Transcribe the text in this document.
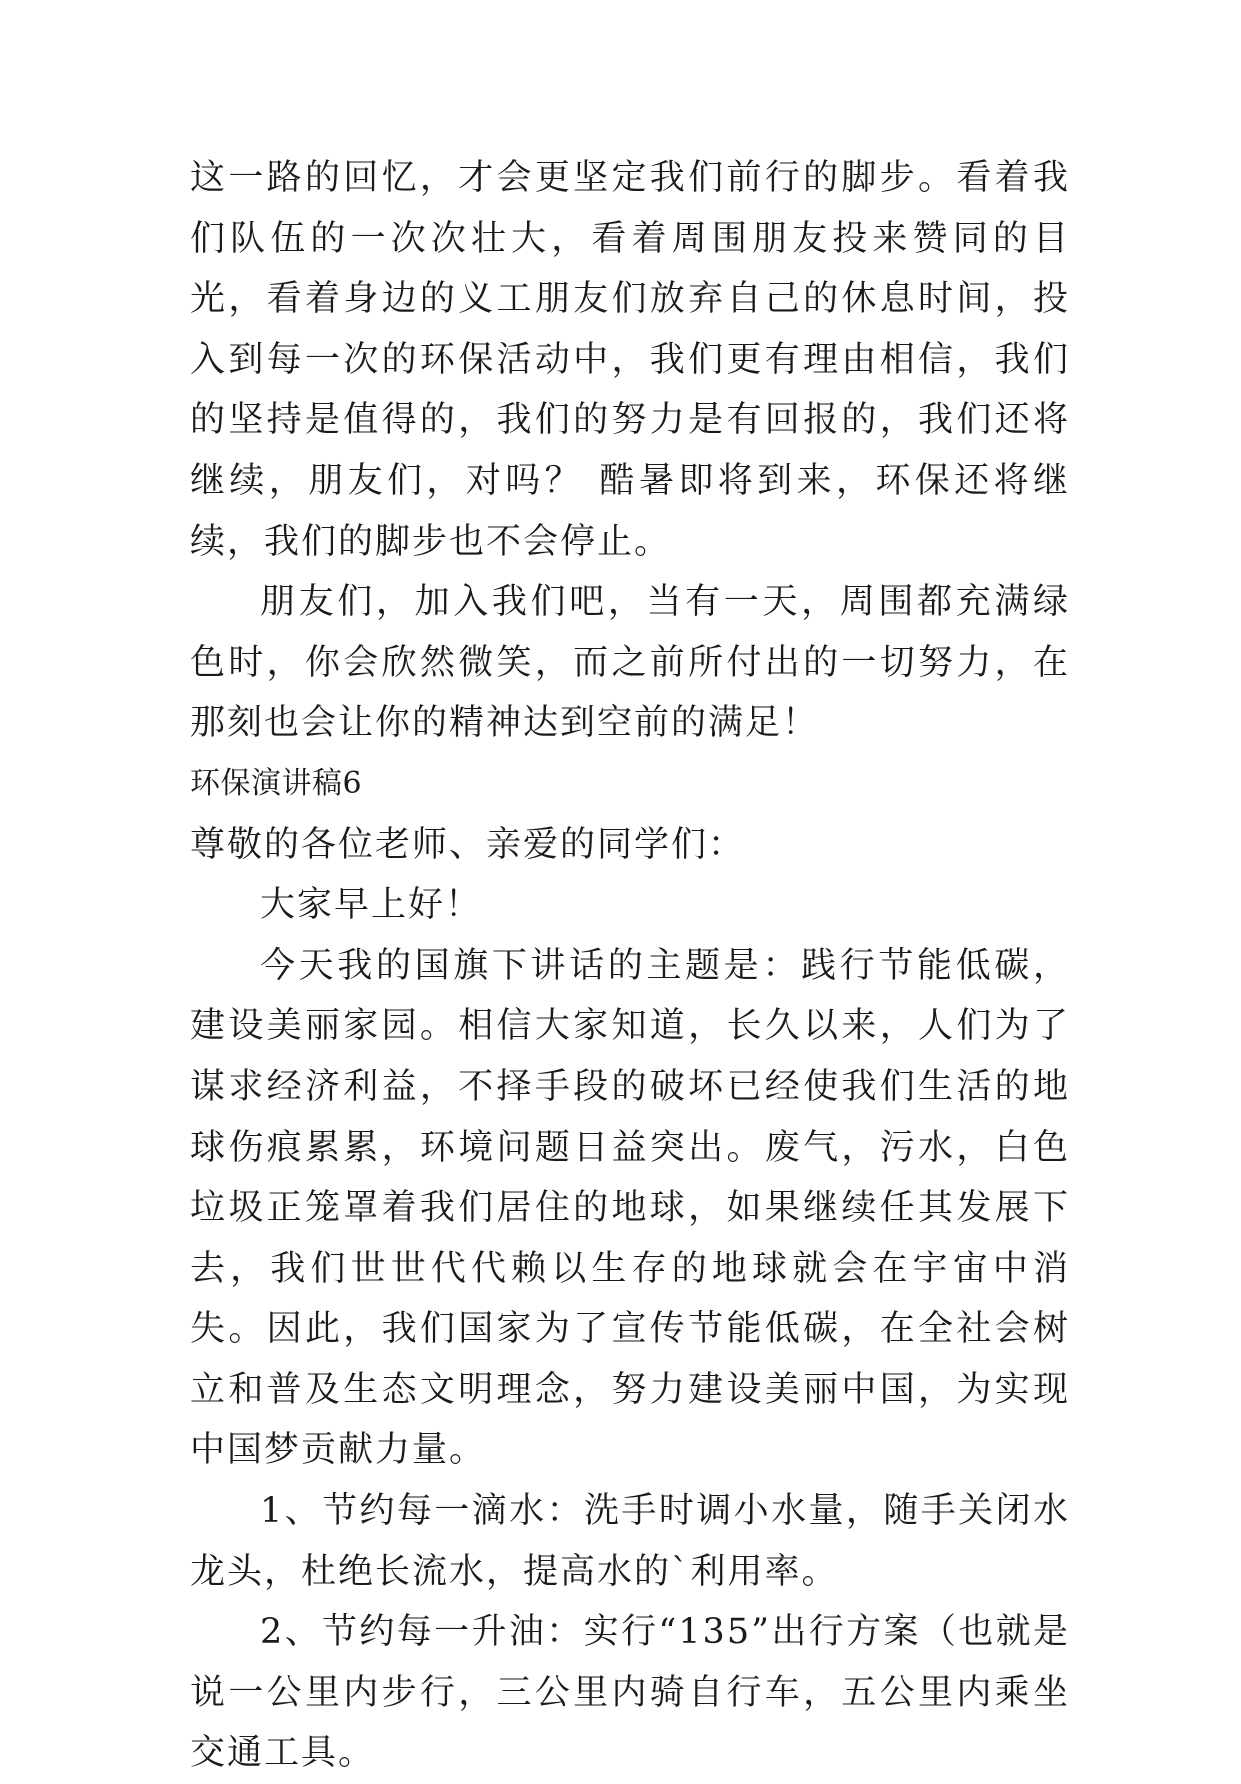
这一路的回忆，才会更坚定我们前行的脚步。看着我们队伍的一次次壮大，看着周围朋友投来赞同的目光，看着身边的义工朋友们放弃自己的休息时间，投入到每一次的环保活动中，我们更有理由相信，我们的坚持是值得的，我们的努力是有回报的，我们还将继续，朋友们，对吗？ 酷暑即将到来，环保还将继续，我们的脚步也不会停止。

朋友们，加入我们吧，当有一天，周围都充满绿色时，你会欣然微笑，而之前所付出的一切努力，在那刻也会让你的精神达到空前的满足！

环保演讲稿6

尊敬的各位老师、亲爱的同学们：

大家早上好！

今天我的国旗下讲话的主题是：践行节能低碳，建设美丽家园。相信大家知道，长久以来，人们为了谋求经济利益，不择手段的破坏已经使我们生活的地球伤痕累累，环境问题日益突出。废气，污水，白色垃圾正笼罩着我们居住的地球，如果继续任其发展下去，我们世世代代赖以生存的地球就会在宇宙中消失。因此，我们国家为了宣传节能低碳，在全社会树立和普及生态文明理念，努力建设美丽中国，为实现中国梦贡献力量。

1、节约每一滴水：洗手时调小水量，随手关闭水龙头，杜绝长流水，提高水的`利用率。

2、节约每一升油：实行“135”出行方案（也就是说一公里内步行，三公里内骑自行车，五公里内乘坐交通工具。
